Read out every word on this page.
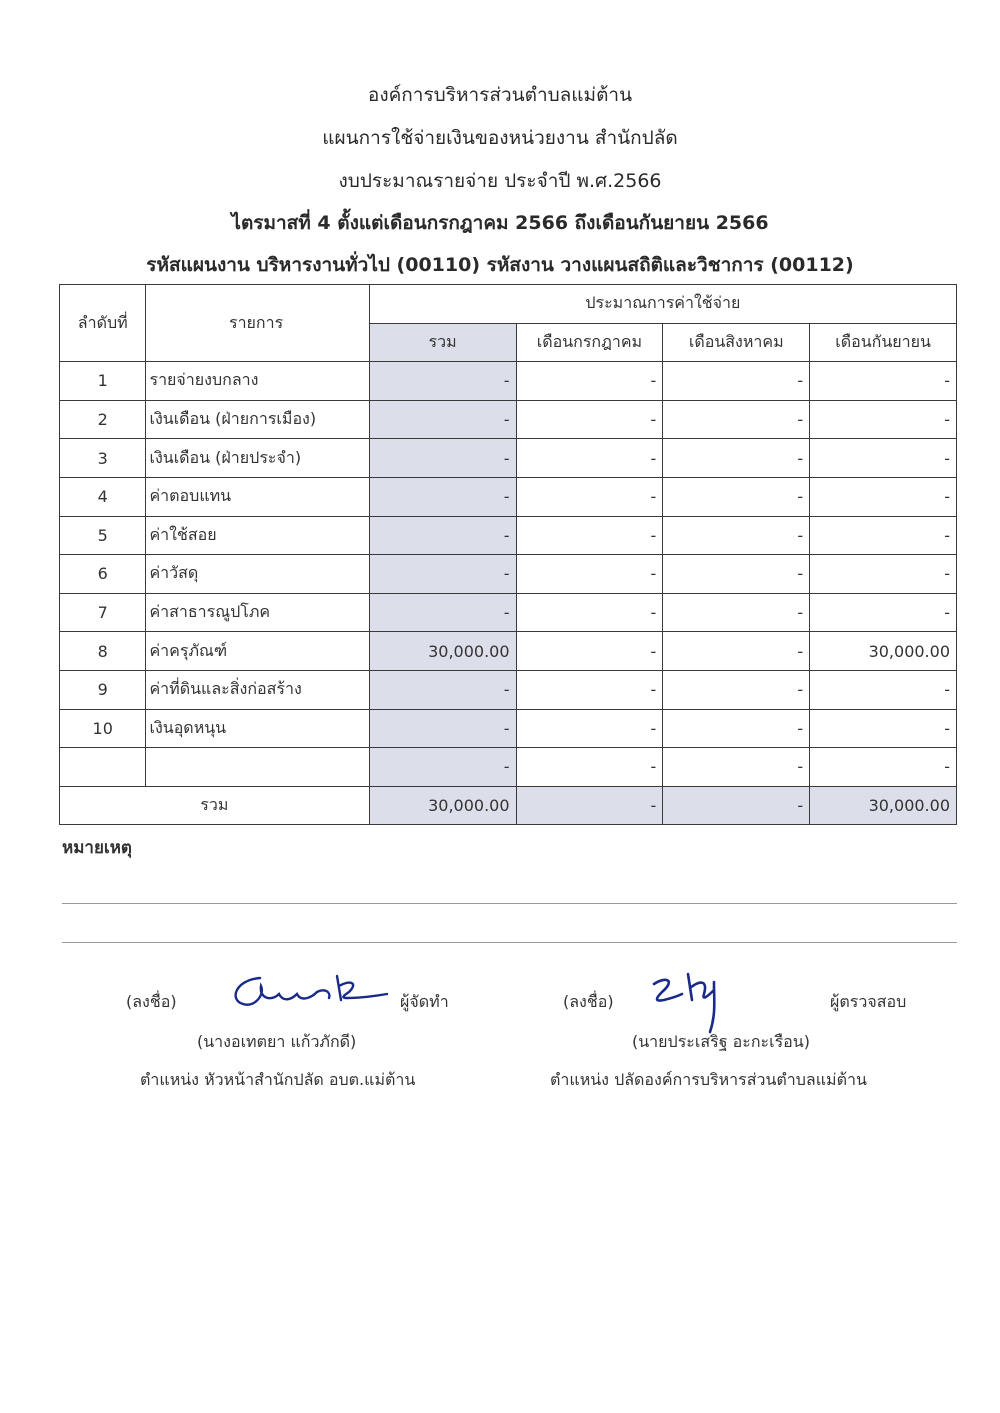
องค์การบริหารส่วนตำบลแม่ต้าน
แผนการใช้จ่ายเงินของหน่วยงาน สำนักปลัด
งบประมาณรายจ่าย ประจำปี พ.ศ.2566
ไตรมาสที่ 4 ตั้งแต่เดือนกรกฎาคม 2566 ถึงเดือนกันยายน 2566
รหัสแผนงาน บริหารงานทั่วไป (00110) รหัสงาน วางแผนสถิติและวิชาการ (00112)
ลำดับที่	รายการ	ประมาณการค่าใช้จ่าย			
		รวม	เดือนกรกฎาคม	เดือนสิงหาคม	เดือนกันยายน
1	รายจ่ายงบกลาง	-	-	-	-
2	เงินเดือน (ฝ่ายการเมือง)	-	-	-	-
3	เงินเดือน (ฝ่ายประจำ)	-	-	-	-
4	ค่าตอบแทน	-	-	-	-
5	ค่าใช้สอย	-	-	-	-
6	ค่าวัสดุ	-	-	-	-
7	ค่าสาธารณูปโภค	-	-	-	-
8	ค่าครุภัณฑ์	30,000.00	-	-	30,000.00
9	ค่าที่ดินและสิ่งก่อสร้าง	-	-	-	-
10	เงินอุดหนุน	-	-	-	-
		-	-	-	-
รวม		30,000.00	-	-	30,000.00
หมายเหตุ
(ลงชื่อ)	ผู้จัดทำ
(นางอเทตยา แก้วภักดี)
ตำแหน่ง หัวหน้าสำนักปลัด อบต.แม่ต้าน
(ลงชื่อ)	ผู้ตรวจสอบ
(นายประเสริฐ อะกะเรือน)
ตำแหน่ง ปลัดองค์การบริหารส่วนตำบลแม่ต้าน
